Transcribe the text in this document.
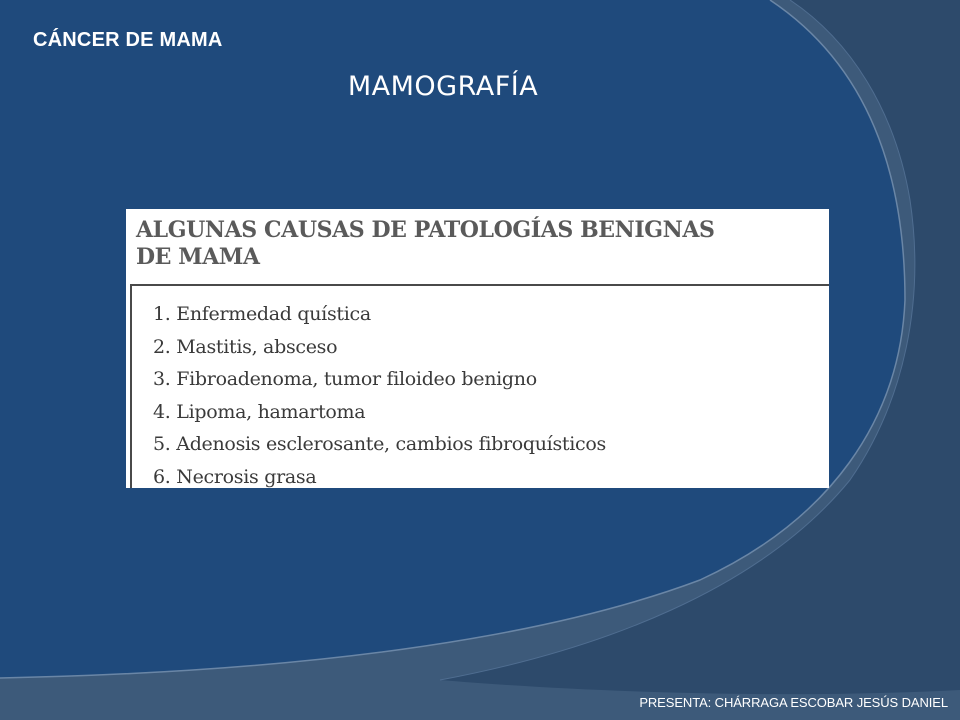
CÁNCER DE MAMA
MAMOGRAFÍA
ALGUNAS CAUSAS DE PATOLOGÍAS BENIGNAS
DE MAMA
1. Enfermedad quística
2. Mastitis, absceso
3. Fibroadenoma, tumor filoideo benigno
4. Lipoma, hamartoma
5. Adenosis esclerosante, cambios fibroquísticos
6. Necrosis grasa
PRESENTA: CHÁRRAGA ESCOBAR JESÚS DANIEL
